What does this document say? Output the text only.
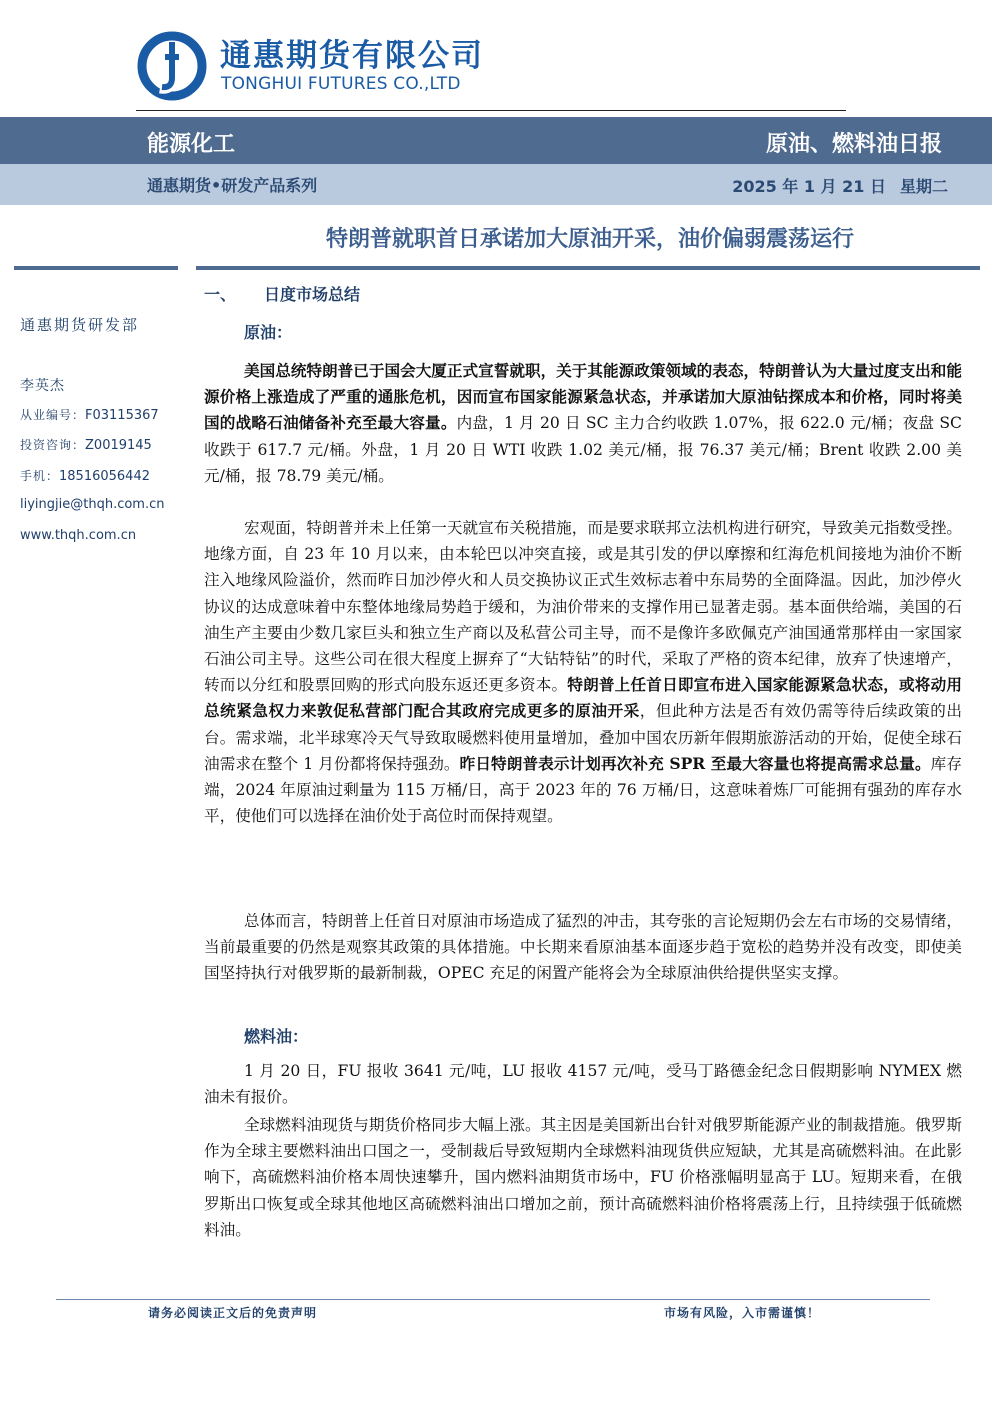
通惠期货有限公司
TONGHUI FUTURES CO.,LTD
能源化工	原油、燃料油日报
通惠期货•研发产品系列	2025 年 1 月 21 日 星期二
特朗普就职首日承诺加大原油开采，油价偏弱震荡运行
通惠期货研发部
李英杰
从业编号：F03115367
投资咨询：Z0019145
手机：18516056442
liyingjie@thqh.com.cn
www.thqh.com.cn
一、 日度市场总结
原油：

美国总统特朗普已于国会大厦正式宣誓就职，关于其能源政策领域的表态，特朗普认为大量过度支出和能源价格上涨造成了严重的通胀危机，因而宣布国家能源紧急状态，并承诺加大原油钻探成本和价格，同时将美国的战略石油储备补充至最大容量。内盘，1 月 20 日 SC 主力合约收跌 1.07%，报 622.0 元/桶；夜盘 SC 收跌于 617.7 元/桶。外盘，1 月 20 日 WTI 收跌 1.02 美元/桶，报 76.37 美元/桶；Brent 收跌 2.00 美元/桶，报 78.79 美元/桶。

宏观面，特朗普并未上任第一天就宣布关税措施，而是要求联邦立法机构进行研究，导致美元指数受挫。地缘方面，自 23 年 10 月以来，由本轮巴以冲突直接，或是其引发的伊以摩擦和红海危机间接地为油价不断注入地缘风险溢价，然而昨日加沙停火和人员交换协议正式生效标志着中东局势的全面降温。因此，加沙停火协议的达成意味着中东整体地缘局势趋于缓和，为油价带来的支撑作用已显著走弱。基本面供给端，美国的石油生产主要由少数几家巨头和独立生产商以及私营公司主导，而不是像许多欧佩克产油国通常那样由一家国家石油公司主导。这些公司在很大程度上摒弃了“大钻特钻”的时代，采取了严格的资本纪律，放弃了快速增产，转而以分红和股票回购的形式向股东返还更多资本。特朗普上任首日即宣布进入国家能源紧急状态，或将动用总统紧急权力来敦促私营部门配合其政府完成更多的原油开采，但此种方法是否有效仍需等待后续政策的出台。需求端，北半球寒冷天气导致取暖燃料使用量增加，叠加中国农历新年假期旅游活动的开始，促使全球石油需求在整个 1 月份都将保持强劲。昨日特朗普表示计划再次补充 SPR 至最大容量也将提高需求总量。库存端，2024 年原油过剩量为 115 万桶/日，高于 2023 年的 76 万桶/日，这意味着炼厂可能拥有强劲的库存水平，使他们可以选择在油价处于高位时而保持观望。

总体而言，特朗普上任首日对原油市场造成了猛烈的冲击，其夸张的言论短期仍会左右市场的交易情绪，当前最重要的仍然是观察其政策的具体措施。中长期来看原油基本面逐步趋于宽松的趋势并没有改变，即使美国坚持执行对俄罗斯的最新制裁，OPEC 充足的闲置产能将会为全球原油供给提供坚实支撑。

燃料油：

1 月 20 日，FU 报收 3641 元/吨，LU 报收 4157 元/吨，受马丁路德金纪念日假期影响 NYMEX 燃油未有报价。

全球燃料油现货与期货价格同步大幅上涨。其主因是美国新出台针对俄罗斯能源产业的制裁措施。俄罗斯作为全球主要燃料油出口国之一，受制裁后导致短期内全球燃料油现货供应短缺，尤其是高硫燃料油。在此影响下，高硫燃料油价格本周快速攀升，国内燃料油期货市场中，FU 价格涨幅明显高于 LU。短期来看，在俄罗斯出口恢复或全球其他地区高硫燃料油出口增加之前，预计高硫燃料油价格将震荡上行，且持续强于低硫燃料油。

请务必阅读正文后的免责声明	市场有风险，入市需谨慎！
